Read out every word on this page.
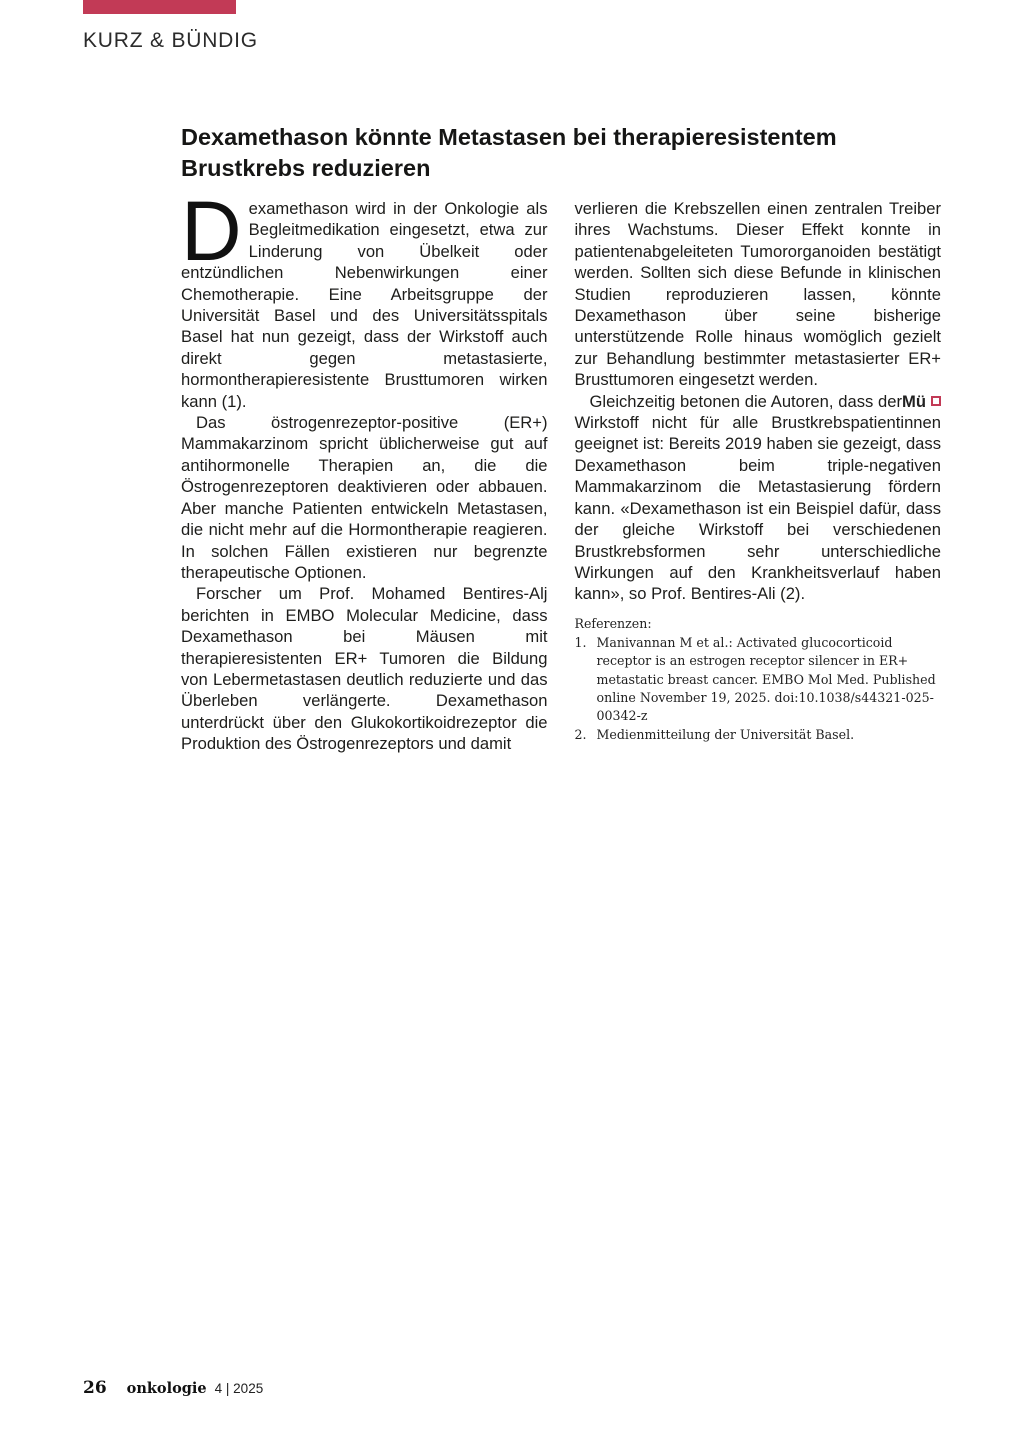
KURZ & BÜNDIG
Dexamethason könnte Metastasen bei therapieresistentem Brustkrebs reduzieren

Dexamethason wird in der Onkologie als Begleitmedikation eingesetzt, etwa zur Linderung von Übelkeit oder entzündlichen Nebenwirkungen einer Chemotherapie. Eine Arbeitsgruppe der Universität Basel und des Universitätsspitals Basel hat nun gezeigt, dass der Wirkstoff auch direkt gegen metastasierte, hormontherapieresistente Brusttumoren wirken kann (1).

Das östrogenrezeptor-positive (ER+) Mammakarzinom spricht üblicherweise gut auf antihormonelle Therapien an, die die Östrogenrezeptoren deaktivieren oder abbauen. Aber manche Patienten entwickeln Metastasen, die nicht mehr auf die Hormontherapie reagieren. In solchen Fällen existieren nur begrenzte therapeutische Optionen.

Forscher um Prof. Mohamed Bentires-Alj berichten in EMBO Molecular Medicine, dass Dexamethason bei Mäusen mit therapieresistenten ER+ Tumoren die Bildung von Lebermetastasen deutlich reduzierte und das Überleben verlängerte. Dexamethason unterdrückt über den Glukokortikoidrezeptor die Produktion des Östrogenrezeptors und damit

verlieren die Krebszellen einen zentralen Treiber ihres Wachstums. Dieser Effekt konnte in patientenabgeleiteten Tumororganoiden bestätigt werden. Sollten sich diese Befunde in klinischen Studien reproduzieren lassen, könnte Dexamethason über seine bisherige unterstützende Rolle hinaus womöglich gezielt zur Behandlung bestimmter metastasierter ER+ Brusttumoren eingesetzt werden.

Mü
Gleichzeitig betonen die Autoren, dass der Wirkstoff nicht für alle Brustkrebspatientinnen geeignet ist: Bereits 2019 haben sie gezeigt, dass Dexamethason beim triple-negativen Mammakarzinom die Metastasierung fördern kann. «Dexamethason ist ein Beispiel dafür, dass der gleiche Wirkstoff bei verschiedenen Brustkrebsformen sehr unterschiedliche Wirkungen auf den Krankheitsverlauf haben kann», so Prof. Bentires-Ali (2).

Referenzen:
1. Manivannan M et al.: Activated glucocorticoid receptor is an estrogen receptor silencer in ER+ metastatic breast cancer. EMBO Mol Med. Published online November 19, 2025. doi:10.1038/s44321-025-00342-z
2. Medienmitteilung der Universität Basel.
26 onkologie 4 | 2025
